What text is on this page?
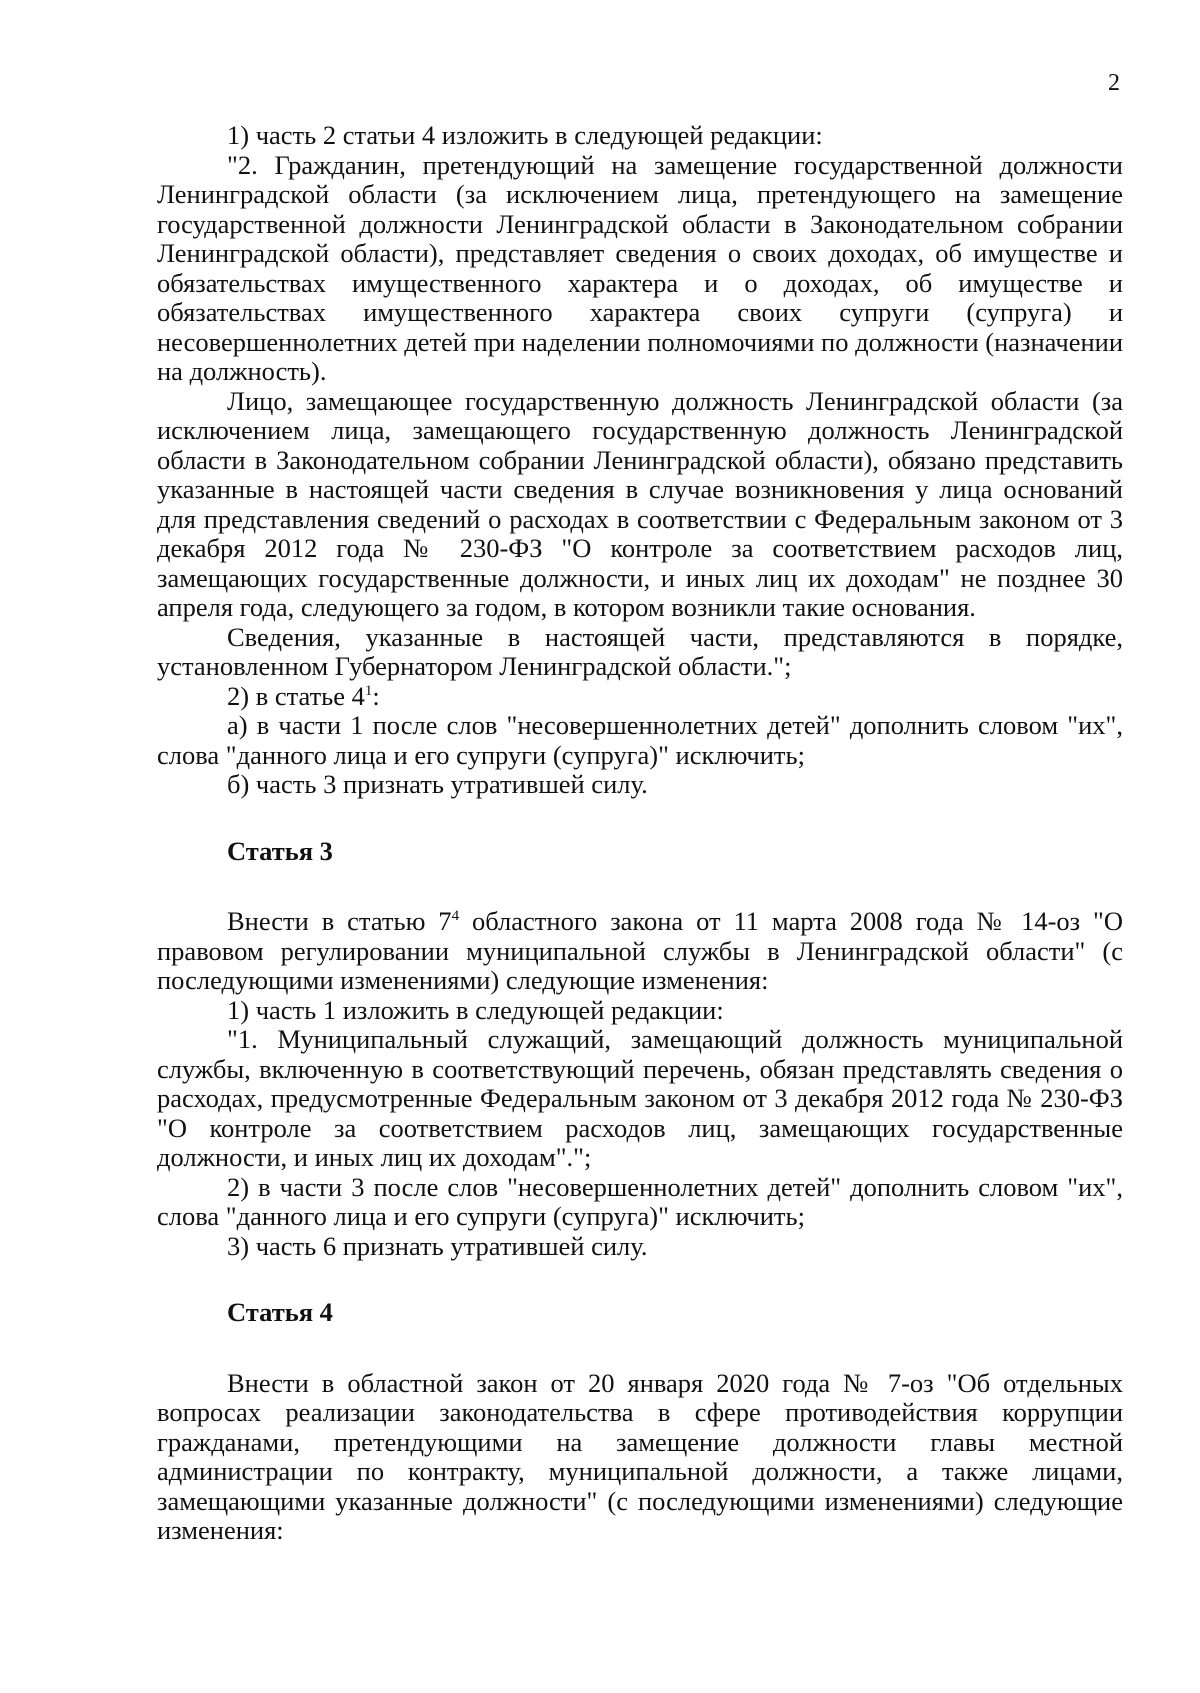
2

1) часть 2 статьи 4 изложить в следующей редакции:

"2. Гражданин, претендующий на замещение государственной должности Ленинградской области (за исключением лица, претендующего на замещение государственной должности Ленинградской области в Законодательном собрании Ленинградской области), представляет сведения о своих доходах, об имуществе и обязательствах имущественного характера и о доходах, об имуществе и обязательствах имущественного характера своих супруги (супруга) и несовершеннолетних детей при наделении полномочиями по должности (назначении на должность).

Лицо, замещающее государственную должность Ленинградской области (за исключением лица, замещающего государственную должность Ленинградской области в Законодательном собрании Ленинградской области), обязано представить указанные в настоящей части сведения в случае возникновения у лица оснований для представления сведений о расходах в соответствии с Федеральным законом от 3 декабря 2012 года № 230-ФЗ "О контроле за соответствием расходов лиц, замещающих государственные должности, и иных лиц их доходам" не позднее 30 апреля года, следующего за годом, в котором возникли такие основания.

Сведения, указанные в настоящей части, представляются в порядке, установленном Губернатором Ленинградской области.";

2) в статье $4^1$:

а) в части 1 после слов "несовершеннолетних детей" дополнить словом "их", слова "данного лица и его супруги (супруга)" исключить;

б) часть 3 признать утратившей силу.

Статья 3

Внести в статью $7^4$ областного закона от 11 марта 2008 года № 14-оз "О правовом регулировании муниципальной службы в Ленинградской области" (с последующими изменениями) следующие изменения:

1) часть 1 изложить в следующей редакции:

"1. Муниципальный служащий, замещающий должность муниципальной службы, включенную в соответствующий перечень, обязан представлять сведения о расходах, предусмотренные Федеральным законом от 3 декабря 2012 года № 230-ФЗ "О контроле за соответствием расходов лиц, замещающих государственные должности, и иных лиц их доходам".";

2) в части 3 после слов "несовершеннолетних детей" дополнить словом "их", слова "данного лица и его супруги (супруга)" исключить;

3) часть 6 признать утратившей силу.

Статья 4

Внести в областной закон от 20 января 2020 года № 7-оз "Об отдельных вопросах реализации законодательства в сфере противодействия коррупции гражданами, претендующими на замещение должности главы местной администрации по контракту, муниципальной должности, а также лицами, замещающими указанные должности" (с последующими изменениями) следующие изменения:
